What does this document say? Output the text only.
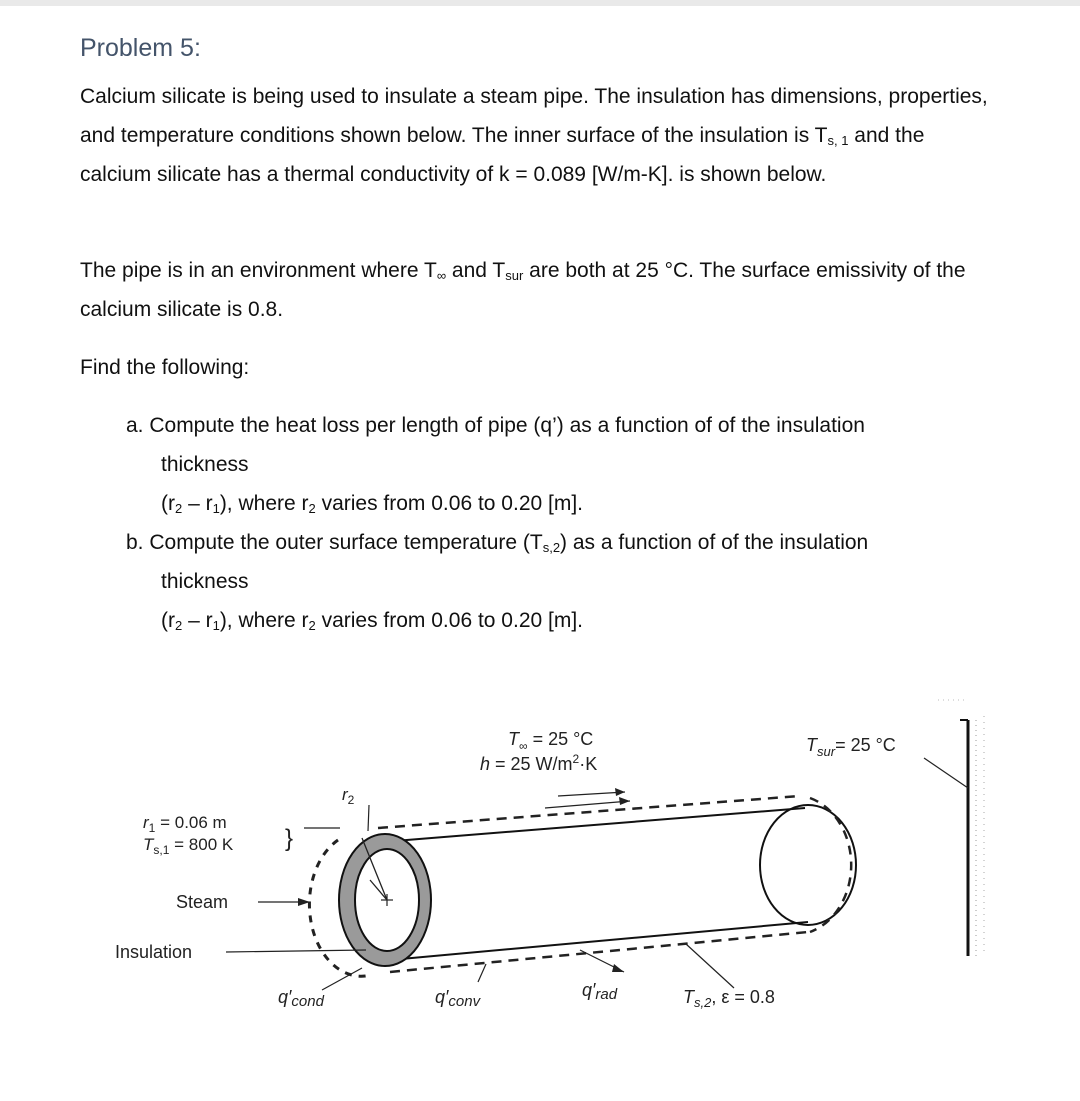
Problem 5:

Calcium silicate is being used to insulate a steam pipe. The insulation has dimensions, properties, and temperature conditions shown below. The inner surface of the insulation is $T_{s, 1}$ and the calcium silicate has a thermal conductivity of k = 0.089 [W/m-K]. is shown below.

The pipe is in an environment where $T_\infty$ and $T_{sur}$ are both at 25 °C. The surface emissivity of the calcium silicate is 0.8.

Find the following:

a. Compute the heat loss per length of pipe (q’) as a function of of the insulation
thickness
$(r_2 - r_1)$, where $r_2$ varies from 0.06 to 0.20 [m].
b. Compute the outer surface temperature $(T_{s,2})$ as a function of of the insulation
thickness
$(r_2 - r_1)$, where $r_2$ varies from 0.06 to 0.20 [m].
$T_\infty = 25$ °C
h = 25 $W/m^2\cdot K$
$T_{sur}= 25$ °C
$r_2$
$r_1 = 0.06$ m
$T_{s,1} = 800$ K }
Steam
Insulation
q′cond	q′conv
q′rad	$T_{s,2}$, ε = 0.8
